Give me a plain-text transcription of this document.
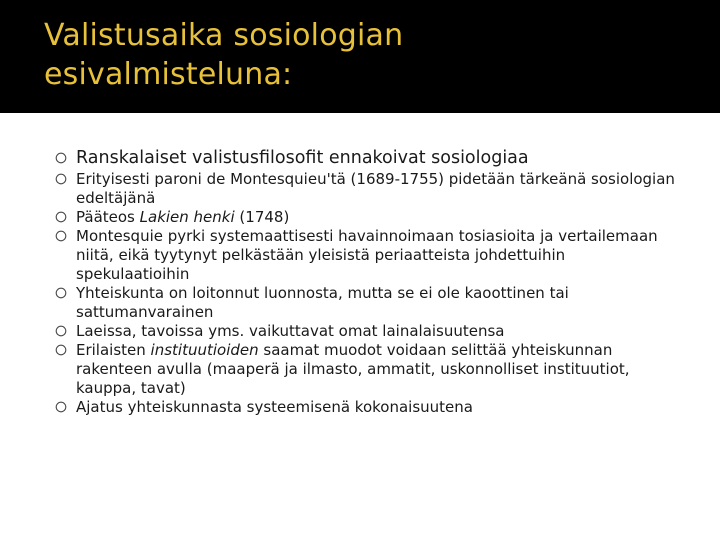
Valistusaika sosiologian
esivalmisteluna:
Ranskalaiset valistusfilosofit ennakoivat sosiologiaa
Erityisesti paroni de Montesquieu'tä (1689-1755) pidetään tärkeänä sosiologian edeltäjänä
Pääteos Lakien henki (1748)
Montesquie pyrki systemaattisesti havainnoimaan tosiasioita ja vertailemaan niitä, eikä tyytynyt pelkästään yleisistä periaatteista johdettuihin spekulaatioihin
Yhteiskunta on loitonnut luonnosta, mutta se ei ole kaoottinen tai sattumanvarainen
Laeissa, tavoissa yms. vaikuttavat omat lainalaisuutensa
Erilaisten instituutioiden saamat muodot voidaan selittää yhteiskunnan rakenteen avulla (maaperä ja ilmasto, ammatit, uskonnolliset instituutiot, kauppa, tavat)
Ajatus yhteiskunnasta systeemisenä kokonaisuutena
